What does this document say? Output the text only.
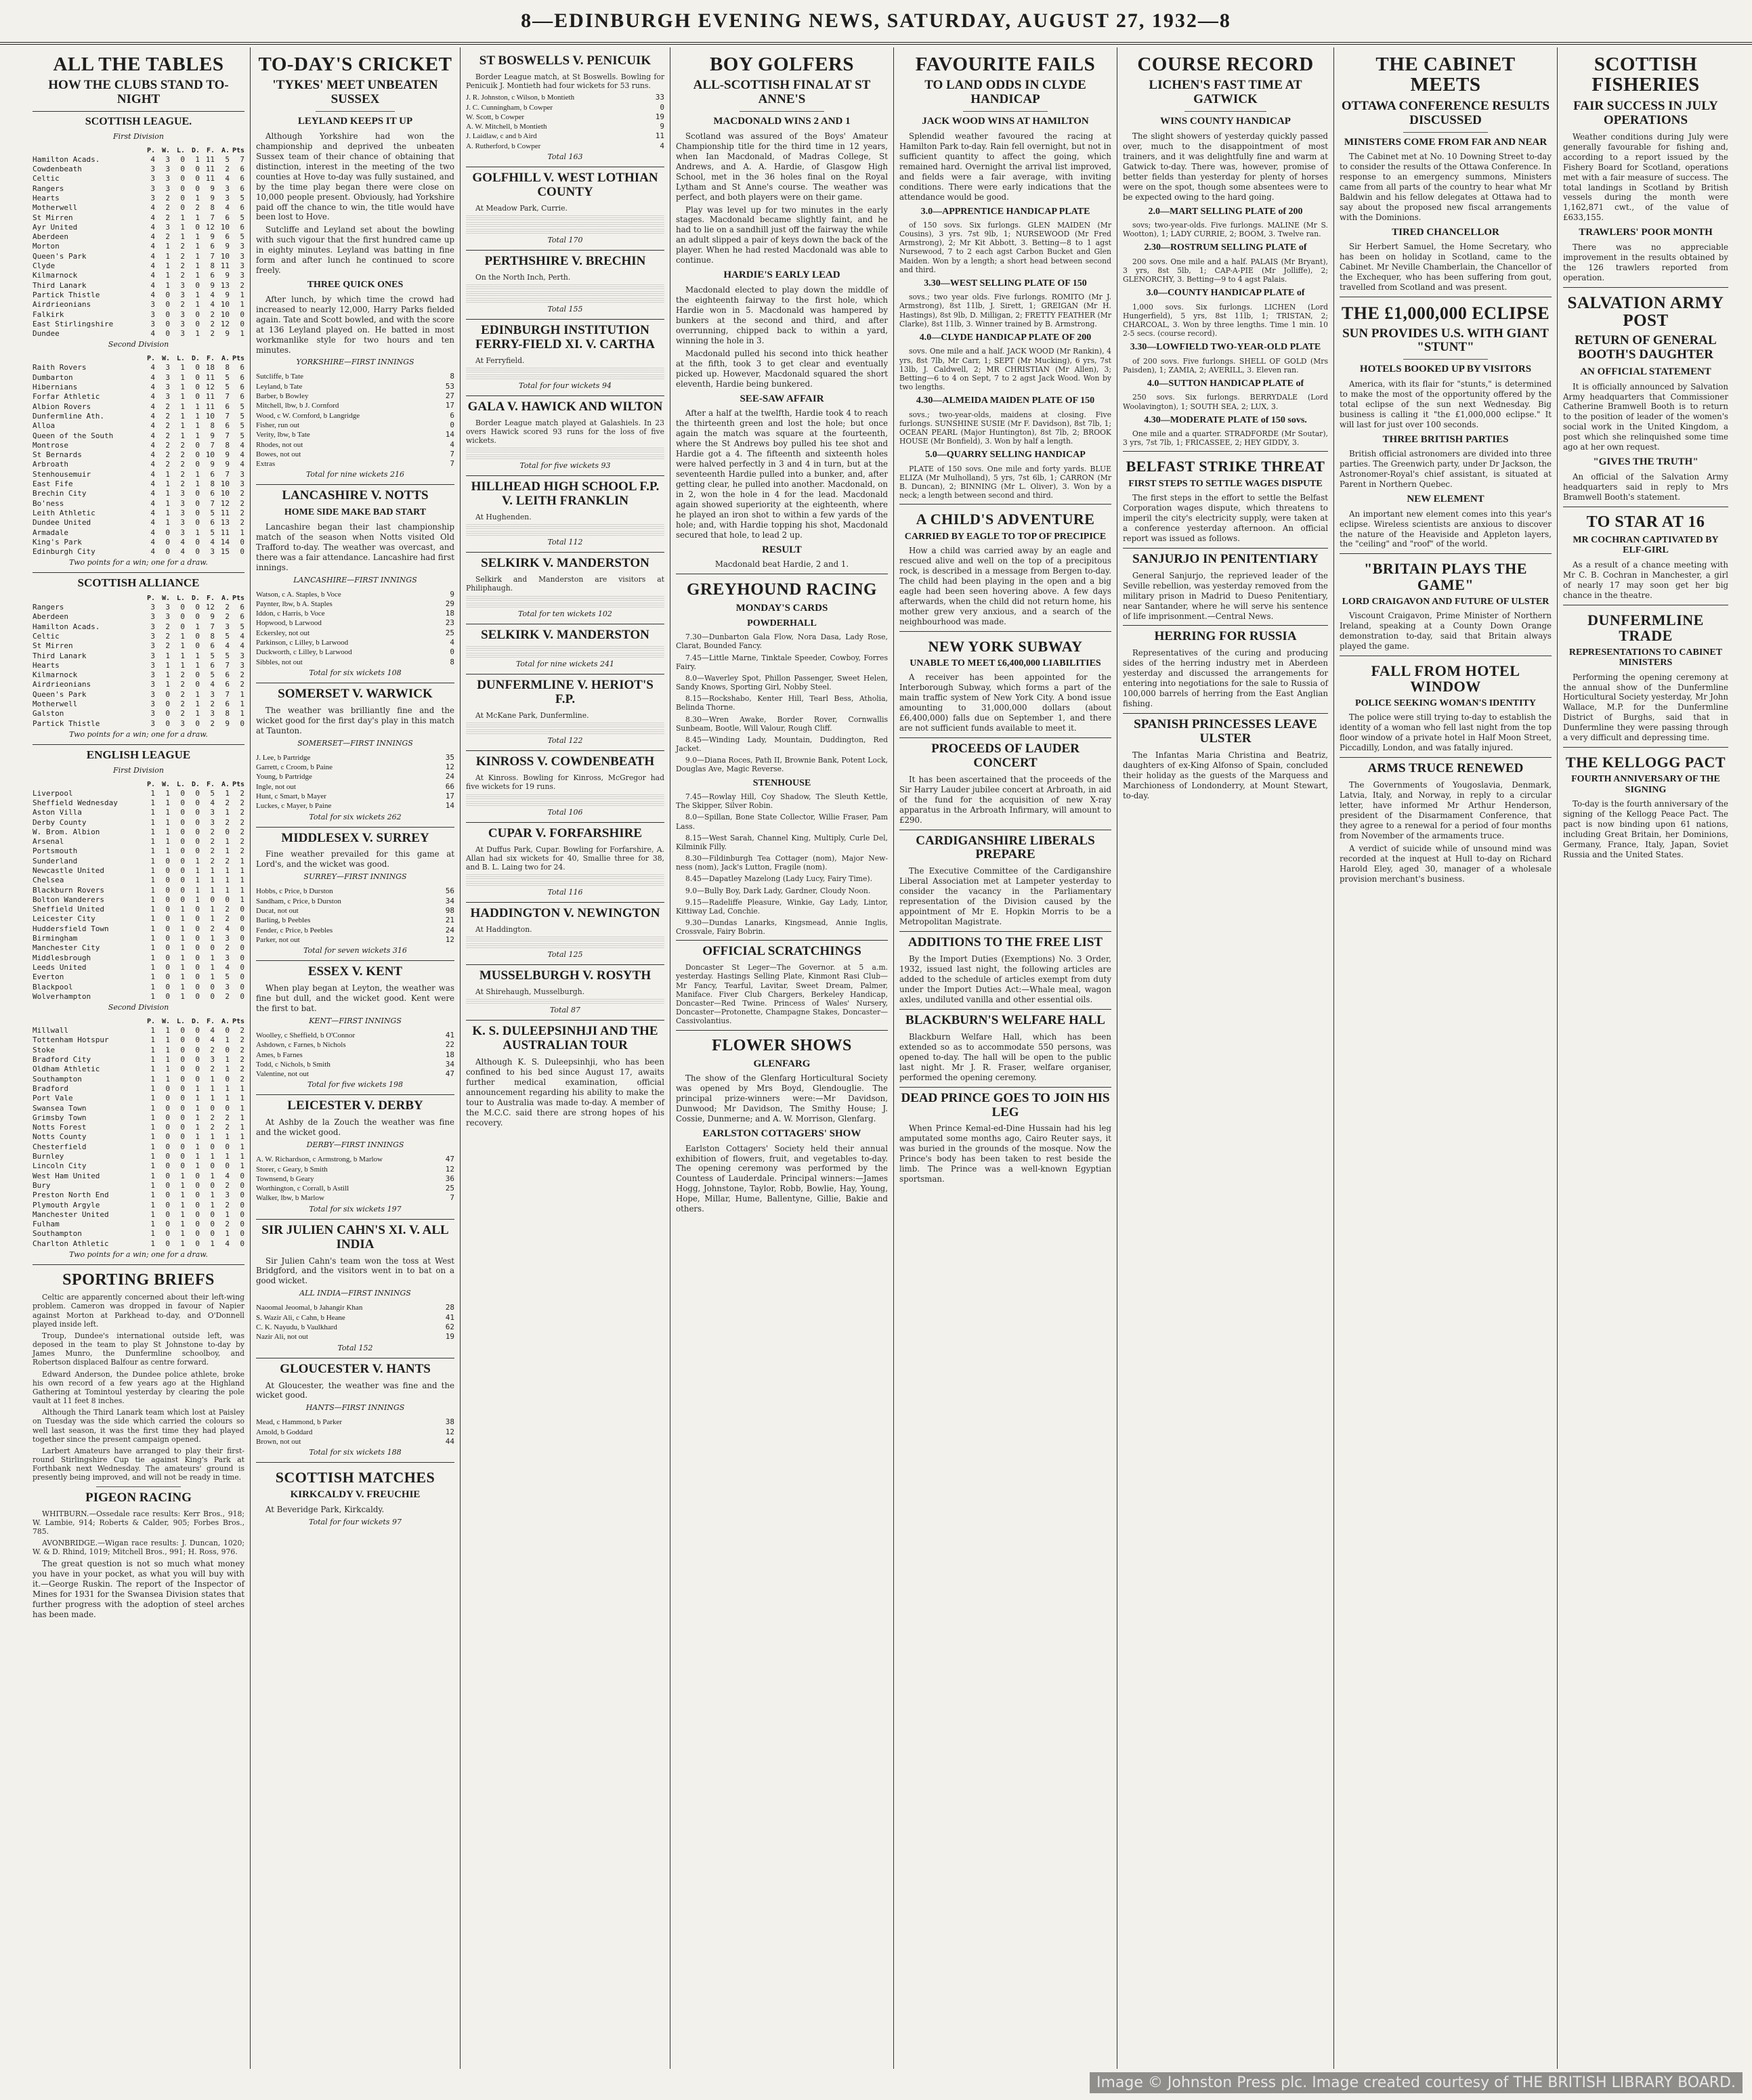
8—EDINBURGH EVENING NEWS, SATURDAY, AUGUST 27, 1932—8
ALL THE TABLES
HOW THE CLUBS STAND TO-NIGHT
SCOTTISH LEAGUE.
First Division
	P.	W.	L.	D.	F.	A.	Pts
Hamilton Acads.	4	3	0	1	11	5	7
Cowdenbeath	3	3	0	0	11	2	6
Celtic	3	3	0	0	11	4	6
Rangers	3	3	0	0	9	3	6
Hearts	3	2	0	1	9	3	5
Motherwell	4	2	0	2	8	4	6
St Mirren	4	2	1	1	7	6	5
Ayr United	4	3	1	0	12	10	6
Aberdeen	4	2	1	1	9	6	5
Morton	4	1	2	1	6	9	3
Queen's Park	4	1	2	1	7	10	3
Clyde	4	1	2	1	8	11	3
Kilmarnock	4	1	2	1	6	9	3
Third Lanark	4	1	3	0	9	13	2
Partick Thistle	4	0	3	1	4	9	1
Airdrieonians	3	0	2	1	4	10	1
Falkirk	3	0	3	0	2	10	0
East Stirlingshire	3	0	3	0	2	12	0
Dundee	4	0	3	1	2	9	1
Second Division
	P.	W.	L.	D.	F.	A.	Pts
Raith Rovers	4	3	1	0	18	8	6
Dumbarton	4	3	1	0	11	5	6
Hibernians	4	3	1	0	12	5	6
Forfar Athletic	4	3	1	0	11	7	6
Albion Rovers	4	2	1	1	11	6	5
Dunfermline Ath.	4	2	1	1	10	7	5
Alloa	4	2	1	1	8	6	5
Queen of the South	4	2	1	1	9	7	5
Montrose	4	2	2	0	7	8	4
St Bernards	4	2	2	0	10	9	4
Arbroath	4	2	2	0	9	9	4
Stenhousemuir	4	1	2	1	6	7	3
East Fife	4	1	2	1	8	10	3
Brechin City	4	1	3	0	6	10	2
Bo'ness	4	1	3	0	7	12	2
Leith Athletic	4	1	3	0	5	11	2
Dundee United	4	1	3	0	6	13	2
Armadale	4	0	3	1	5	11	1
King's Park	4	0	4	0	4	14	0
Edinburgh City	4	0	4	0	3	15	0
Two points for a win; one for a draw.
SCOTTISH ALLIANCE
	P.	W.	L.	D.	F.	A.	Pts
Rangers	3	3	0	0	12	2	6
Aberdeen	3	3	0	0	9	2	6
Hamilton Acads.	3	2	0	1	7	3	5
Celtic	3	2	1	0	8	5	4
St Mirren	3	2	1	0	6	4	4
Third Lanark	3	1	1	1	5	5	3
Hearts	3	1	1	1	6	7	3
Kilmarnock	3	1	2	0	5	6	2
Airdrieonians	3	1	2	0	4	6	2
Queen's Park	3	0	2	1	3	7	1
Motherwell	3	0	2	1	2	6	1
Galston	3	0	2	1	3	8	1
Partick Thistle	3	0	3	0	2	9	0
Two points for a win; one for a draw.
ENGLISH LEAGUE
First Division
	P.	W.	L.	D.	F.	A.	Pts
Liverpool	1	1	0	0	5	1	2
Sheffield Wednesday	1	1	0	0	4	2	2
Aston Villa	1	1	0	0	3	1	2
Derby County	1	1	0	0	3	2	2
W. Brom. Albion	1	1	0	0	2	0	2
Arsenal	1	1	0	0	2	1	2
Portsmouth	1	1	0	0	2	1	2
Sunderland	1	0	0	1	2	2	1
Newcastle United	1	0	0	1	1	1	1
Chelsea	1	0	0	1	1	1	1
Blackburn Rovers	1	0	0	1	1	1	1
Bolton Wanderers	1	0	0	1	0	0	1
Sheffield United	1	0	1	0	1	2	0
Leicester City	1	0	1	0	1	2	0
Huddersfield Town	1	0	1	0	2	4	0
Birmingham	1	0	1	0	1	3	0
Manchester City	1	0	1	0	0	2	0
Middlesbrough	1	0	1	0	1	3	0
Leeds United	1	0	1	0	1	4	0
Everton	1	0	1	0	1	5	0
Blackpool	1	0	1	0	0	3	0
Wolverhampton	1	0	1	0	0	2	0
Second Division
	P.	W.	L.	D.	F.	A.	Pts
Millwall	1	1	0	0	4	0	2
Tottenham Hotspur	1	1	0	0	4	1	2
Stoke	1	1	0	0	2	0	2
Bradford City	1	1	0	0	3	1	2
Oldham Athletic	1	1	0	0	2	1	2
Southampton	1	1	0	0	1	0	2
Bradford	1	0	0	1	1	1	1
Port Vale	1	0	0	1	1	1	1
Swansea Town	1	0	0	1	0	0	1
Grimsby Town	1	0	0	1	2	2	1
Notts Forest	1	0	0	1	2	2	1
Notts County	1	0	0	1	1	1	1
Chesterfield	1	0	0	1	0	0	1
Burnley	1	0	0	1	1	1	1
Lincoln City	1	0	0	1	0	0	1
West Ham United	1	0	1	0	1	4	0
Bury	1	0	1	0	0	2	0
Preston North End	1	0	1	0	1	3	0
Plymouth Argyle	1	0	1	0	1	2	0
Manchester United	1	0	1	0	0	1	0
Fulham	1	0	1	0	0	2	0
Southampton	1	0	1	0	0	1	0
Charlton Athletic	1	0	1	0	1	4	0
Two points for a win; one for a draw.
SPORTING BRIEFS

Celtic are apparently concerned about their left-wing problem. Cameron was dropped in favour of Napier against Morton at Parkhead to-day, and O'Donnell played inside left.

Troup, Dundee's international outside left, was deposed in the team to play St Johnstone to-day by James Munro, the Dunfermline schoolboy, and Robertson displaced Balfour as centre forward.

Edward Anderson, the Dundee police athlete, broke his own record of a few years ago at the Highland Gathering at Tomintoul yesterday by clearing the pole vault at 11 feet 8 inches.

Although the Third Lanark team which lost at Paisley on Tuesday was the side which carried the colours so well last season, it was the first time they had played together since the present campaign opened.

Larbert Amateurs have arranged to play their first-round Stirlingshire Cup tie against King's Park at Forthbank next Wednesday. The amateurs' ground is presently being improved, and will not be ready in time.

PIGEON RACING

WHITBURN.—Ossedale race results: Kerr Bros., 918; W. Lambie, 914; Roberts & Calder, 905; Forbes Bros., 785.

AVONBRIDGE.—Wigan race results: J. Duncan, 1020; W. & D. Rhind, 1019; Mitchell Bros., 991; H. Ross, 976.

The great question is not so much what money you have in your pocket, as what you will buy with it.—George Ruskin. The report of the Inspector of Mines for 1931 for the Swansea Division states that further progress with the adoption of steel arches has been made.

TO-DAY'S CRICKET
'TYKES' MEET UNBEATEN SUSSEX
LEYLAND KEEPS IT UP

Although Yorkshire had won the championship and deprived the unbeaten Sussex team of their chance of obtaining that distinction, interest in the meeting of the two counties at Hove to-day was fully sustained, and by the time play began there were close on 10,000 people present. Obviously, had Yorkshire paid off the chance to win, the title would have been lost to Hove.

Sutcliffe and Leyland set about the bowling with such vigour that the first hundred came up in eighty minutes. Leyland was batting in fine form and after lunch he continued to score freely.

THREE QUICK ONES

After lunch, by which time the crowd had increased to nearly 12,000, Harry Parks fielded again. Tate and Scott bowled, and with the score at 136 Leyland played on. He batted in most workmanlike style for two hours and ten minutes.

YORKSHIRE—FIRST INNINGS
Sutcliffe, b Tate	8
Leyland, b Tate	53
Barber, b Bowley	27
Mitchell, lbw, b J. Cornford	17
Wood, c W. Cornford, b Langridge	6
Fisher, run out	0
Verity, lbw, b Tate	14
Rhodes, not out	4
Bowes, not out	7
Extras	7
Total for nine wickets 216
LANCASHIRE V. NOTTS
HOME SIDE MAKE BAD START

Lancashire began their last championship match of the season when Notts visited Old Trafford to-day. The weather was overcast, and there was a fair attendance. Lancashire had first innings.

LANCASHIRE—FIRST INNINGS
Watson, c A. Staples, b Voce	9
Paynter, lbw, b A. Staples	29
Iddon, c Harris, b Voce	18
Hopwood, b Larwood	23
Eckersley, not out	25
Parkinson, c Lilley, b Larwood	4
Duckworth, c Lilley, b Larwood	0
Sibbles, not out	8
Total for six wickets 108
SOMERSET V. WARWICK

The weather was brilliantly fine and the wicket good for the first day's play in this match at Taunton.

SOMERSET—FIRST INNINGS
J. Lee, b Partridge	35
Garrett, c Croom, b Paine	12
Young, b Partridge	24
Ingle, not out	66
Hunt, c Smart, b Mayer	17
Luckes, c Mayer, b Paine	14
Total for six wickets 262
MIDDLESEX V. SURREY

Fine weather prevailed for this game at Lord's, and the wicket was good.

SURREY—FIRST INNINGS
Hobbs, c Price, b Durston	56
Sandham, c Price, b Durston	34
Ducat, not out	98
Barling, b Peebles	21
Fender, c Price, b Peebles	24
Parker, not out	12
Total for seven wickets 316
ESSEX V. KENT

When play began at Leyton, the weather was fine but dull, and the wicket good. Kent were the first to bat.

KENT—FIRST INNINGS
Woolley, c Sheffield, b O'Connor	41
Ashdown, c Farnes, b Nichols	22
Ames, b Farnes	18
Todd, c Nichols, b Smith	34
Valentine, not out	47
Total for five wickets 198
LEICESTER V. DERBY

At Ashby de la Zouch the weather was fine and the wicket good.

DERBY—FIRST INNINGS
A. W. Richardson, c Armstrong, b Marlow	47
Storer, c Geary, b Smith	12
Townsend, b Geary	36
Worthington, c Corrall, b Astill	25
Walker, lbw, b Marlow	7
Total for six wickets 197
SIR JULIEN CAHN'S XI. V. ALL INDIA

Sir Julien Cahn's team won the toss at West Bridgford, and the visitors went in to bat on a good wicket.

ALL INDIA—FIRST INNINGS
Naoomal Jeoomal, b Jahangir Khan	28
S. Wazir Ali, c Cahn, b Heane	41
C. K. Nayudu, b Vaulkhard	62
Nazir Ali, not out	19
Total 152
GLOUCESTER V. HANTS

At Gloucester, the weather was fine and the wicket good.

HANTS—FIRST INNINGS
Mead, c Hammond, b Parker	38
Arnold, b Goddard	12
Brown, not out	44
Total for six wickets 188
SCOTTISH MATCHES
KIRKCALDY V. FREUCHIE

At Beveridge Park, Kirkcaldy.

Total for four wickets 97
ST BOSWELLS V. PENICUIK

Border League match, at St Boswells. Bowling for Penicuik J. Montieth had four wickets for 53 runs.

J. R. Johnston, c Wilson, b Montieth	33
J. C. Cunningham, b Cowper	0
W. Scott, b Cowper	19
A. W. Mitchell, b Montieth	9
J. Laidlaw, c and b Aird	11
A. Rutherford, b Cowper	4
Total 163
GOLFHILL V. WEST LOTHIAN COUNTY

At Meadow Park, Currie.

Total 170
PERTHSHIRE V. BRECHIN

On the North Inch, Perth.

Total 155
EDINBURGH INSTITUTION FERRY-FIELD XI. V. CARTHA

At Ferryfield.

Total for four wickets 94
GALA V. HAWICK AND WILTON

Border League match played at Galashiels. In 23 overs Hawick scored 93 runs for the loss of five wickets.

Total for five wickets 93
HILLHEAD HIGH SCHOOL F.P. V. LEITH FRANKLIN

At Hughenden.

Total 112
SELKIRK V. MANDERSTON

Selkirk and Manderston are visitors at Philiphaugh.

Total for ten wickets 102
SELKIRK V. MANDERSTON
Total for nine wickets 241
DUNFERMLINE V. HERIOT'S F.P.

At McKane Park, Dunfermline.

Total 122
KINROSS V. COWDENBEATH

At Kinross. Bowling for Kinross, McGregor had five wickets for 19 runs.

Total 106
CUPAR V. FORFARSHIRE

At Duffus Park, Cupar. Bowling for Forfarshire, A. Allan had six wickets for 40, Smallie three for 38, and B. L. Laing two for 24.

Total 116
HADDINGTON V. NEWINGTON

At Haddington.

Total 125
MUSSELBURGH V. ROSYTH

At Shirehaugh, Musselburgh.

Total 87
K. S. DULEEPSINHJI AND THE AUSTRALIAN TOUR

Although K. S. Duleepsinhji, who has been confined to his bed since August 17, awaits further medical examination, official announcement regarding his ability to make the tour to Australia was made to-day. A member of the M.C.C. said there are strong hopes of his recovery.

BOY GOLFERS
ALL-SCOTTISH FINAL AT ST ANNE'S
MACDONALD WINS 2 AND 1

Scotland was assured of the Boys' Amateur Championship title for the third time in 12 years, when Ian Macdonald, of Madras College, St Andrews, and A. A. Hardie, of Glasgow High School, met in the 36 holes final on the Royal Lytham and St Anne's course. The weather was perfect, and both players were on their game.

Play was level up for two minutes in the early stages. Macdonald became slightly faint, and he had to lie on a sandhill just off the fairway the while an adult slipped a pair of keys down the back of the player. When he had rested Macdonald was able to continue.

HARDIE'S EARLY LEAD

Macdonald elected to play down the middle of the eighteenth fairway to the first hole, which Hardie won in 5. Macdonald was hampered by bunkers at the second and third, and after overrunning, chipped back to within a yard, winning the hole in 3.

Macdonald pulled his second into thick heather at the fifth, took 3 to get clear and eventually picked up. However, Macdonald squared the short eleventh, Hardie being bunkered.

SEE-SAW AFFAIR

After a half at the twelfth, Hardie took 4 to reach the thirteenth green and lost the hole; but once again the match was square at the fourteenth, where the St Andrews boy pulled his tee shot and Hardie got a 4. The fifteenth and sixteenth holes were halved perfectly in 3 and 4 in turn, but at the seventeenth Hardie pulled into a bunker, and, after getting clear, he pulled into another. Macdonald, on in 2, won the hole in 4 for the lead. Macdonald again showed superiority at the eighteenth, where he played an iron shot to within a few yards of the hole; and, with Hardie topping his shot, Macdonald secured that hole, to lead 2 up.

RESULT

Macdonald beat Hardie, 2 and 1.

GREYHOUND RACING
MONDAY'S CARDS
POWDERHALL

7.30—Dunbarton Gala Flow, Nora Dasa, Lady Rose, Clarat, Bounded Fancy.

7.45—Little Marne, Tinktale Speeder, Cowboy, Forres Fairy.

8.0—Waverley Spot, Phillon Passenger, Sweet Helen, Sandy Knows, Sporting Girl, Nobby Steel.

8.15—Rockshabo, Kenter Hill, Tearl Bess, Atholia, Belinda Thorne.

8.30—Wren Awake, Border Rover, Cornwallis Sunbeam, Bootle, Will Valour, Rough Cliff.

8.45—Winding Lady, Mountain, Duddington, Red Jacket.

9.0—Diana Roces, Path II, Brownie Bank, Potent Lock, Douglas Ave, Magic Reverse.

STENHOUSE

7.45—Rowlay Hill, Coy Shadow, The Sleuth Kettle, The Skipper, Silver Robin.

8.0—Spillan, Bone State Collector, Willie Fraser, Pam Lass.

8.15—West Sarah, Channel King, Multiply, Curle Del, Kilminik Filly.

8.30—Fildinburgh Tea Cottager (nom), Major New-ness (nom), Jack's Lutton, Fragile (nom).

8.45—Dapatley Mazelong (Lady Lucy, Fairy Time).

9.0—Bully Boy, Dark Lady, Gardner, Cloudy Noon.

9.15—Radeliffe Pleasure, Winkie, Gay Lady, Lintor, Kittiway Lad, Conchie.

9.30—Dundas Lanarks, Kingsmead, Annie Inglis, Crossvale, Fairy Bobrin.

OFFICIAL SCRATCHINGS

Doncaster St Leger—The Governor. at 5 a.m. yesterday. Hastings Selling Plate, Kinmont Rasi Club—Mr Fancy, Tearful, Lavitar, Sweet Dream, Palmer, Maniface. Fiver Club Chargers, Berkeley Handicap, Doncaster—Red Twine. Princess of Wales' Nursery, Doncaster—Protonette, Champagne Stakes, Doncaster—Cassivolantius.

FLOWER SHOWS
GLENFARG

The show of the Glenfarg Horticultural Society was opened by Mrs Boyd, Glendouglie. The principal prize-winners were:—Mr Davidson, Dunwood; Mr Davidson, The Smithy House; J. Cossie, Dunmerne; and A. W. Morrison, Glenfarg.

EARLSTON COTTAGERS' SHOW

Earlston Cottagers' Society held their annual exhibition of flowers, fruit, and vegetables to-day. The opening ceremony was performed by the Countess of Lauderdale. Principal winners:—James Hogg, Johnstone, Taylor, Robb, Bowlie, Hay, Young, Hope, Millar, Hume, Ballentyne, Gillie, Bakie and others.

FAVOURITE FAILS
TO LAND ODDS IN CLYDE HANDICAP
JACK WOOD WINS AT HAMILTON

Splendid weather favoured the racing at Hamilton Park to-day. Rain fell overnight, but not in sufficient quantity to affect the going, which remained hard. Overnight the arrival list improved, and fields were a fair average, with inviting conditions. There were early indications that the attendance would be good.

3.0—APPRENTICE HANDICAP PLATE

of 150 sovs. Six furlongs. GLEN MAIDEN (Mr Cousins), 3 yrs. 7st 9lb, 1; NURSEWOOD (Mr Fred Armstrong), 2; Mr Kit Abbott, 3. Betting—8 to 1 agst Nursewood, 7 to 2 each agst Carbon Bucket and Glen Maiden. Won by a length; a short head between second and third.

3.30—WEST SELLING PLATE OF 150

sovs.; two year olds. Five furlongs. ROMITO (Mr J. Armstrong), 8st 11lb, J. Sirett, 1; GREIGAN (Mr H. Hastings), 8st 9lb, D. Milligan, 2; FRETTY FEATHER (Mr Clarke), 8st 11lb, 3. Winner trained by B. Armstrong.

4.0—CLYDE HANDICAP PLATE OF 200

sovs. One mile and a half. JACK WOOD (Mr Rankin), 4 yrs, 8st 7lb, Mr Carr, 1; SEPT (Mr Mucking), 6 yrs, 7st 13lb, J. Caldwell, 2; MR CHRISTIAN (Mr Allen), 3; Betting—6 to 4 on Sept, 7 to 2 agst Jack Wood. Won by two lengths.

4.30—ALMEIDA MAIDEN PLATE OF 150

sovs.; two-year-olds, maidens at closing. Five furlongs. SUNSHINE SUSIE (Mr F. Davidson), 8st 7lb, 1; OCEAN PEARL (Major Huntington), 8st 7lb, 2; BROOK HOUSE (Mr Bonfield), 3. Won by half a length.

5.0—QUARRY SELLING HANDICAP

PLATE of 150 sovs. One mile and forty yards. BLUE ELIZA (Mr Mulholland), 5 yrs, 7st 6lb, 1; CARRON (Mr B. Duncan), 2; BINNING (Mr L. Oliver), 3. Won by a neck; a length between second and third.

A CHILD'S ADVENTURE
CARRIED BY EAGLE TO TOP OF PRECIPICE

How a child was carried away by an eagle and rescued alive and well on the top of a precipitous rock, is described in a message from Bergen to-day. The child had been playing in the open and a big eagle had been seen hovering above. A few days afterwards, when the child did not return home, his mother grew very anxious, and a search of the neighbourhood was made.

NEW YORK SUBWAY
UNABLE TO MEET £6,400,000 LIABILITIES

A receiver has been appointed for the Interborough Subway, which forms a part of the main traffic system of New York City. A bond issue amounting to 31,000,000 dollars (about £6,400,000) falls due on September 1, and there are not sufficient funds available to meet it.

PROCEEDS OF LAUDER CONCERT

It has been ascertained that the proceeds of the Sir Harry Lauder jubilee concert at Arbroath, in aid of the fund for the acquisition of new X-ray apparatus in the Arbroath Infirmary, will amount to £290.

CARDIGANSHIRE LIBERALS PREPARE

The Executive Committee of the Cardiganshire Liberal Association met at Lampeter yesterday to consider the vacancy in the Parliamentary representation of the Division caused by the appointment of Mr E. Hopkin Morris to be a Metropolitan Magistrate.

ADDITIONS TO THE FREE LIST

By the Import Duties (Exemptions) No. 3 Order, 1932, issued last night, the following articles are added to the schedule of articles exempt from duty under the Import Duties Act:—Whale meal, wagon axles, undiluted vanilla and other essential oils.

BLACKBURN'S WELFARE HALL

Blackburn Welfare Hall, which has been extended so as to accommodate 550 persons, was opened to-day. The hall will be open to the public last night. Mr J. R. Fraser, welfare organiser, performed the opening ceremony.

DEAD PRINCE GOES TO JOIN HIS LEG

When Prince Kemal-ed-Dine Hussain had his leg amputated some months ago, Cairo Reuter says, it was buried in the grounds of the mosque. Now the Prince's body has been taken to rest beside the limb. The Prince was a well-known Egyptian sportsman.

COURSE RECORD
LICHEN'S FAST TIME AT GATWICK
WINS COUNTY HANDICAP

The slight showers of yesterday quickly passed over, much to the disappointment of most trainers, and it was delightfully fine and warm at Gatwick to-day. There was, however, promise of better fields than yesterday for plenty of horses were on the spot, though some absentees were to be expected owing to the hard going.

2.0—MART SELLING PLATE of 200

sovs; two-year-olds. Five furlongs. MALINE (Mr S. Wootton), 1; LADY CURRIE, 2; BOOM, 3. Twelve ran.

2.30—ROSTRUM SELLING PLATE of

200 sovs. One mile and a half. PALAIS (Mr Bryant), 3 yrs, 8st 5lb, 1; CAP-A-PIE (Mr Jolliffe), 2; GLENORCHY, 3. Betting—9 to 4 agst Palais.

3.0—COUNTY HANDICAP PLATE of

1,000 sovs. Six furlongs. LICHEN (Lord Hungerfield), 5 yrs, 8st 11lb, 1; TRISTAN, 2; CHARCOAL, 3. Won by three lengths. Time 1 min. 10 2-5 secs. (course record).

3.30—LOWFIELD TWO-YEAR-OLD PLATE

of 200 sovs. Five furlongs. SHELL OF GOLD (Mrs Paisden), 1; ZAMIA, 2; AVERILL, 3. Eleven ran.

4.0—SUTTON HANDICAP PLATE of

250 sovs. Six furlongs. BERRYDALE (Lord Woolavington), 1; SOUTH SEA, 2; LUX, 3.

4.30—MODERATE PLATE of 150 sovs.

One mile and a quarter. STRADFORDE (Mr Soutar), 3 yrs, 7st 7lb, 1; FRICASSEE, 2; HEY GIDDY, 3.

BELFAST STRIKE THREAT
FIRST STEPS TO SETTLE WAGES DISPUTE

The first steps in the effort to settle the Belfast Corporation wages dispute, which threatens to imperil the city's electricity supply, were taken at a conference yesterday afternoon. An official report was issued as follows.

SANJURJO IN PENITENTIARY

General Sanjurjo, the reprieved leader of the Seville rebellion, was yesterday removed from the military prison in Madrid to Dueso Penitentiary, near Santander, where he will serve his sentence of life imprisonment.—Central News.

HERRING FOR RUSSIA

Representatives of the curing and producing sides of the herring industry met in Aberdeen yesterday and discussed the arrangements for entering into negotiations for the sale to Russia of 100,000 barrels of herring from the East Anglian fishing.

SPANISH PRINCESSES LEAVE ULSTER

The Infantas Maria Christina and Beatriz, daughters of ex-King Alfonso of Spain, concluded their holiday as the guests of the Marquess and Marchioness of Londonderry, at Mount Stewart, to-day.

THE CABINET MEETS
OTTAWA CONFERENCE RESULTS DISCUSSED
MINISTERS COME FROM FAR AND NEAR

The Cabinet met at No. 10 Downing Street to-day to consider the results of the Ottawa Conference. In response to an emergency summons, Ministers came from all parts of the country to hear what Mr Baldwin and his fellow delegates at Ottawa had to say about the proposed new fiscal arrangements with the Dominions.

TIRED CHANCELLOR

Sir Herbert Samuel, the Home Secretary, who has been on holiday in Scotland, came to the Cabinet. Mr Neville Chamberlain, the Chancellor of the Exchequer, who has been suffering from gout, travelled from Scotland and was present.

THE £1,000,000 ECLIPSE
SUN PROVIDES U.S. WITH GIANT "STUNT"
HOTELS BOOKED UP BY VISITORS

America, with its flair for "stunts," is determined to make the most of the opportunity offered by the total eclipse of the sun next Wednesday. Big business is calling it "the £1,000,000 eclipse." It will last for just over 100 seconds.

THREE BRITISH PARTIES

British official astronomers are divided into three parties. The Greenwich party, under Dr Jackson, the Astronomer-Royal's chief assistant, is situated at Parent in Northern Quebec.

NEW ELEMENT

An important new element comes into this year's eclipse. Wireless scientists are anxious to discover the nature of the Heaviside and Appleton layers, the "ceiling" and "roof" of the world.

"BRITAIN PLAYS THE GAME"
LORD CRAIGAVON AND FUTURE OF ULSTER

Viscount Craigavon, Prime Minister of Northern Ireland, speaking at a County Down Orange demonstration to-day, said that Britain always played the game.

FALL FROM HOTEL WINDOW
POLICE SEEKING WOMAN'S IDENTITY

The police were still trying to-day to establish the identity of a woman who fell last night from the top floor window of a private hotel in Half Moon Street, Piccadilly, London, and was fatally injured.

ARMS TRUCE RENEWED

The Governments of Yougoslavia, Denmark, Latvia, Italy, and Norway, in reply to a circular letter, have informed Mr Arthur Henderson, president of the Disarmament Conference, that they agree to a renewal for a period of four months from November of the armaments truce.

A verdict of suicide while of unsound mind was recorded at the inquest at Hull to-day on Richard Harold Eley, aged 30, manager of a wholesale provision merchant's business.

SCOTTISH FISHERIES
FAIR SUCCESS IN JULY OPERATIONS

Weather conditions during July were generally favourable for fishing and, according to a report issued by the Fishery Board for Scotland, operations met with a fair measure of success. The total landings in Scotland by British vessels during the month were 1,162,871 cwt., of the value of £633,155.

TRAWLERS' POOR MONTH

There was no appreciable improvement in the results obtained by the 126 trawlers reported from operation.

SALVATION ARMY POST
RETURN OF GENERAL BOOTH'S DAUGHTER
AN OFFICIAL STATEMENT

It is officially announced by Salvation Army headquarters that Commissioner Catherine Bramwell Booth is to return to the position of leader of the women's social work in the United Kingdom, a post which she relinquished some time ago at her own request.

"GIVES THE TRUTH"

An official of the Salvation Army headquarters said in reply to Mrs Bramwell Booth's statement.

TO STAR AT 16
MR COCHRAN CAPTIVATED BY ELF-GIRL

As a result of a chance meeting with Mr C. B. Cochran in Manchester, a girl of nearly 17 may soon get her big chance in the theatre.

DUNFERMLINE TRADE
REPRESENTATIONS TO CABINET MINISTERS

Performing the opening ceremony at the annual show of the Dunfermline Horticultural Society yesterday, Mr John Wallace, M.P. for the Dunfermline District of Burghs, said that in Dunfermline they were passing through a very difficult and depressing time.

THE KELLOGG PACT
FOURTH ANNIVERSARY OF THE SIGNING

To-day is the fourth anniversary of the signing of the Kellogg Peace Pact. The pact is now binding upon 61 nations, including Great Britain, her Dominions, Germany, France, Italy, Japan, Soviet Russia and the United States.

Image © Johnston Press plc. Image created courtesy of THE BRITISH LIBRARY BOARD.
